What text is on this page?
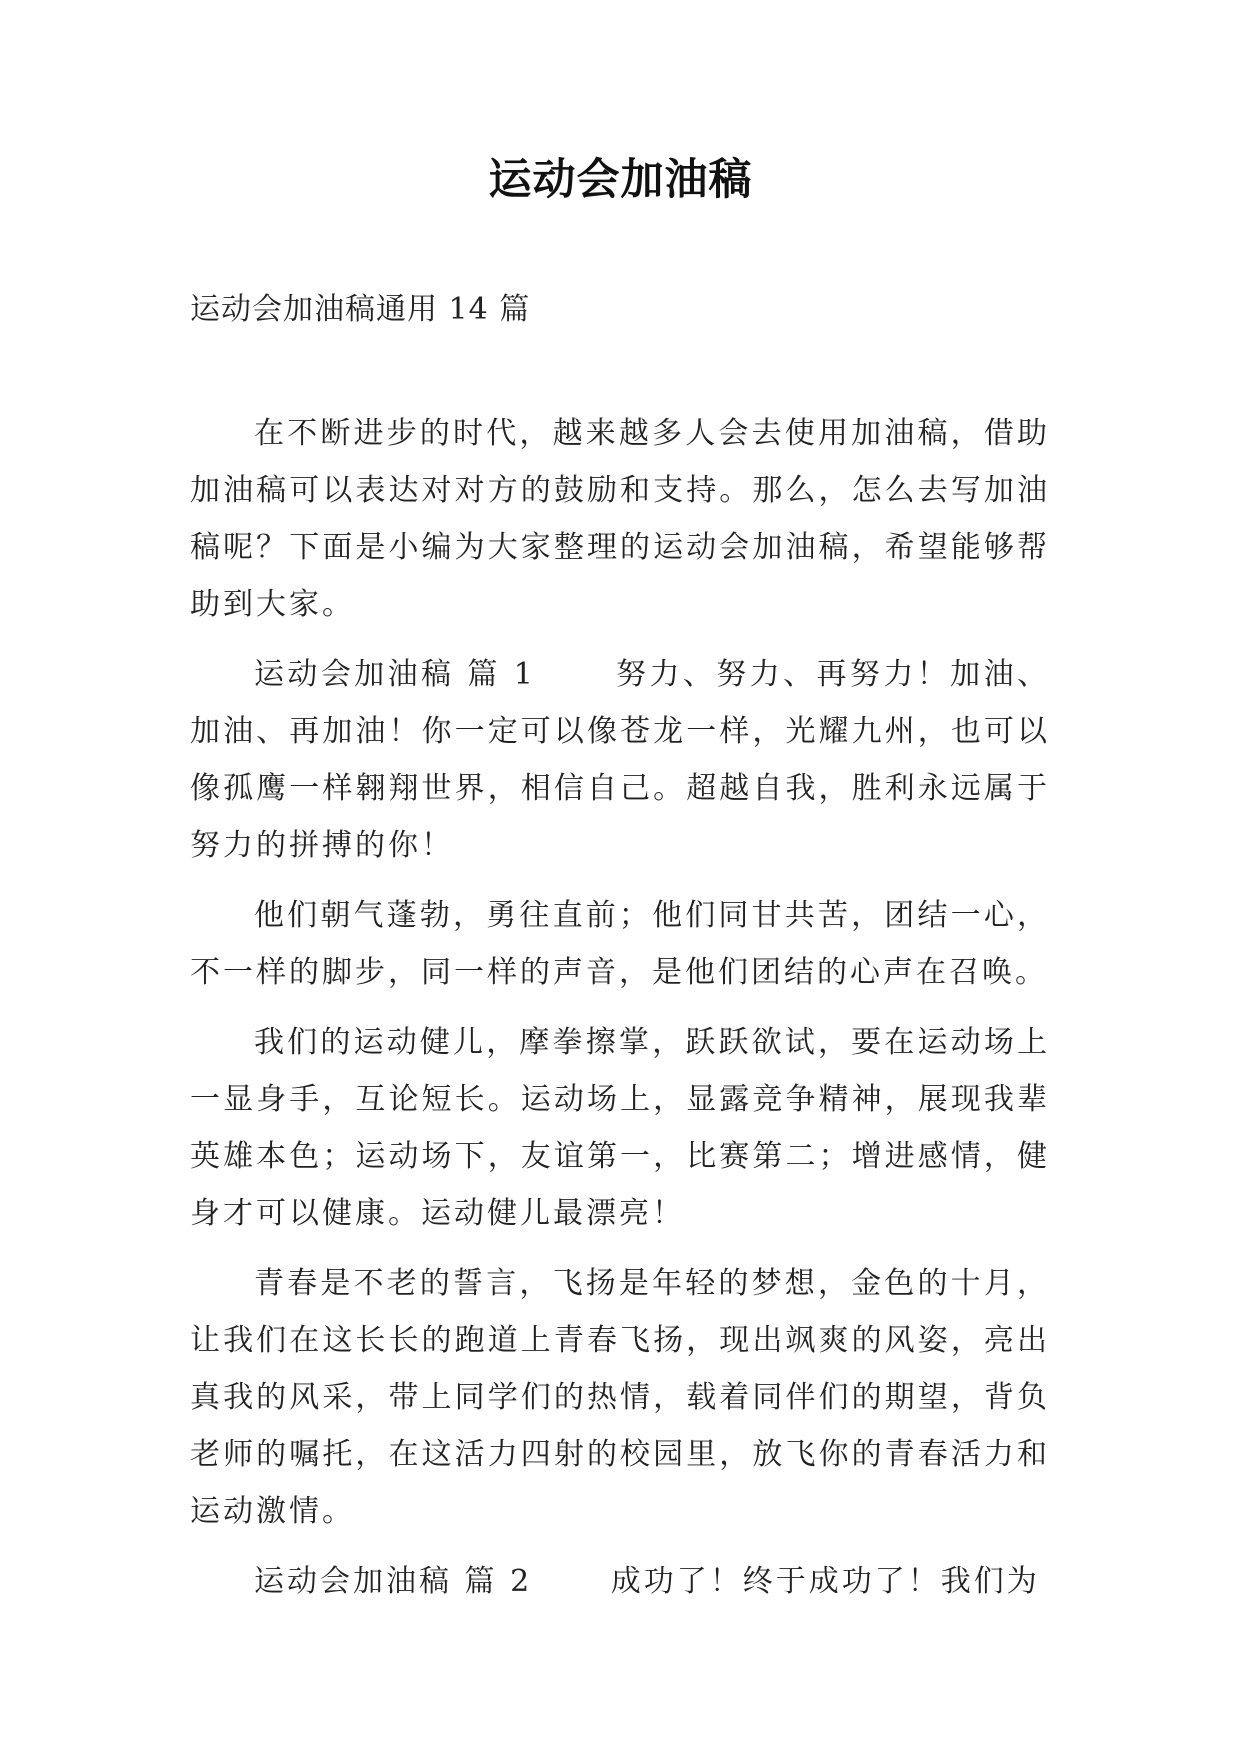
运动会加油稿

运动会加油稿通用 14 篇

在不断进步的时代，越来越多人会去使用加油稿，借助加油稿可以表达对对方的鼓励和支持。那么，怎么去写加油稿呢？下面是小编为大家整理的运动会加油稿，希望能够帮助到大家。

运动会加油稿 篇 1　　 努力、努力、再努力！加油、加油、再加油！你一定可以像苍龙一样，光耀九州，也可以像孤鹰一样翱翔世界，相信自己。超越自我，胜利永远属于努力的拼搏的你！

他们朝气蓬勃，勇往直前；他们同甘共苦，团结一心，不一样的脚步，同一样的声音，是他们团结的心声在召唤。

我们的运动健儿，摩拳擦掌，跃跃欲试，要在运动场上一显身手，互论短长。运动场上，显露竞争精神，展现我辈英雄本色；运动场下，友谊第一，比赛第二；增进感情，健身才可以健康。运动健儿最漂亮！

青春是不老的誓言，飞扬是年轻的梦想，金色的十月，让我们在这长长的跑道上青春飞扬，现出飒爽的风姿，亮出真我的风采，带上同学们的热情，载着同伴们的期望，背负老师的嘱托，在这活力四射的校园里，放飞你的青春活力和运动激情。

运动会加油稿 篇 2　　 成功了！终于成功了！我们为
